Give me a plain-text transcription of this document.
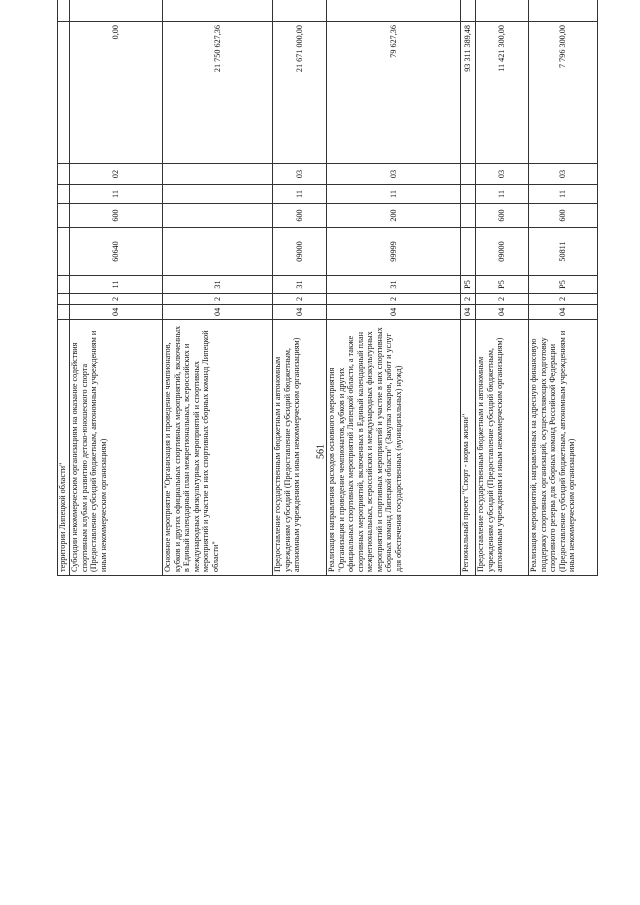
561
территории Липецкой области"										
Субсидии некоммерческим организациям на оказание содействия спортивным клубам и развитию детско-юношеского спорта (Предоставление субсидий бюджетным, автономным учреждениям и иным некоммерческим организациям)	04	2	11	60640	600	11	02	0,00		
Основное мероприятие "Организация и проведение чемпионатов, кубков и других официальных спортивных мероприятий, включенных в Единый календарный план межрегиональных, всероссийских и международных физкультурных мероприятий и спортивных мероприятий и участие в них спортивных сборных команд Липецкой области"	04	2	31					21 750 627,36		
Предоставление государственным бюджетным и автономным учреждениям субсидий (Предоставление субсидий бюджетным, автономным учреждениям и иным некоммерческим организациям)	04	2	31	09000	600	11	03	21 671 000,00		
Реализация направления расходов основного мероприятия "Организация и проведение чемпионатов, кубков и других официальных спортивных мероприятий Липецкой области, а также спортивных мероприятий, включенных в Единый календарный план межрегиональных, всероссийских и международных физкультурных мероприятий и спортивных мероприятий и участие в них спортивных сборных команд Липецкой области" (Закупка товаров, работ и услуг для обеспечения государственных (муниципальных) нужд)	04	2	31	99999	200	11	03	79 627,36		
Региональный проект "Спорт - норма жизни"	04	2	P5					93 311 389,48		
Предоставление государственным бюджетным и автономным учреждениям субсидий (Предоставление субсидий бюджетным, автономным учреждениям и иным некоммерческим организациям)	04	2	P5	09000	600	11	03	11 421 300,00		
Реализация мероприятий, направленных на адресную финансовую поддержку спортивных организаций, осуществляющих подготовку спортивного резерва для сборных команд Российской Федерации (Предоставление субсидий бюджетным, автономным учреждениям и иным некоммерческим организациям)	04	2	P5	50811	600	11	03	7 796 300,00		
